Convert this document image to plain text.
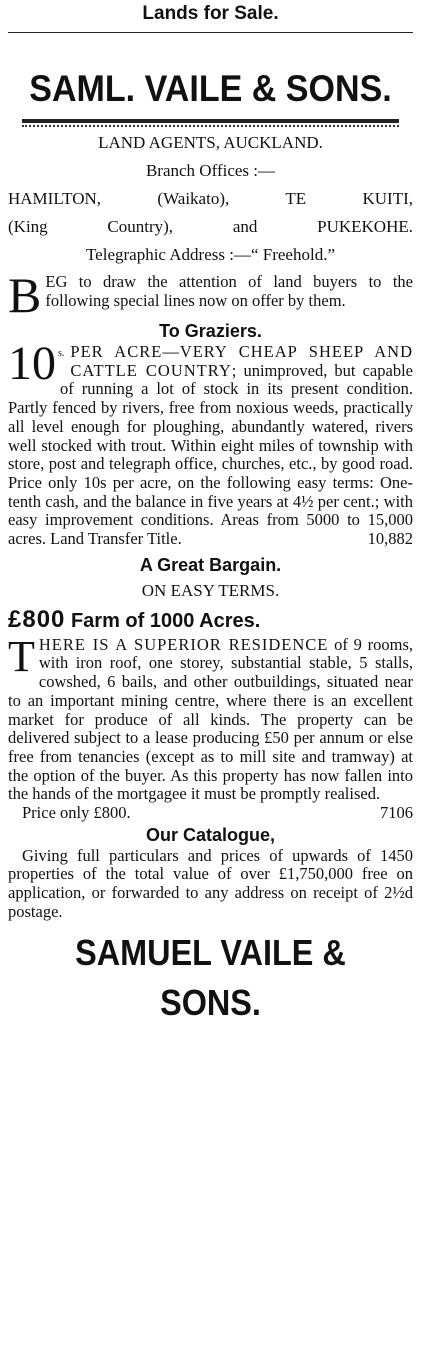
Lands for Sale.
SAML. VAILE & SONS.
LAND AGENTS, AUCKLAND.
Branch Offices :—
HAMILTON, (Waikato), TE KUITI,
(King Country), and PUKEKOHE.
Telegraphic Address :—“ Freehold.”
BEG to draw the attention of land buyers to the following special lines now on offer by them.
To Graziers.
10 s. PER ACRE—VERY CHEAP SHEEP AND CATTLE COUNTRY; unimproved, but capable of running a lot of stock in its present condition. Partly fenced by rivers, free from noxious weeds, practically all level enough for ploughing, abundantly watered, rivers well stocked with trout. Within eight miles of township with store, post and telegraph office, churches, etc., by good road. Price only 10s per acre, on the following easy terms: One-tenth cash, and the balance in five years at 4½ per cent.; with easy improvement conditions. Areas from 5000 to 15,000 acres. Land Transfer Title.	10,882
A Great Bargain.
ON EASY TERMS.
£800 Farm of 1000 Acres.
THERE IS A SUPERIOR RESIDENCE of 9 rooms, with iron roof, one storey, substantial stable, 5 stalls, cowshed, 6 bails, and other outbuildings, situated near to an important mining centre, where there is an excellent market for produce of all kinds. The property can be delivered subject to a lease producing £50 per annum or else free from tenancies (except as to mill site and tramway) at the option of the buyer. As this property has now fallen into the hands of the mortgagee it must be promptly realised.
Price only £800.	7106
Our Catalogue,
Giving full particulars and prices of upwards of 1450 properties of the total value of over £1,750,000 free on application, or forwarded to any address on receipt of 2½d postage.
SAMUEL VAILE &
SONS.
